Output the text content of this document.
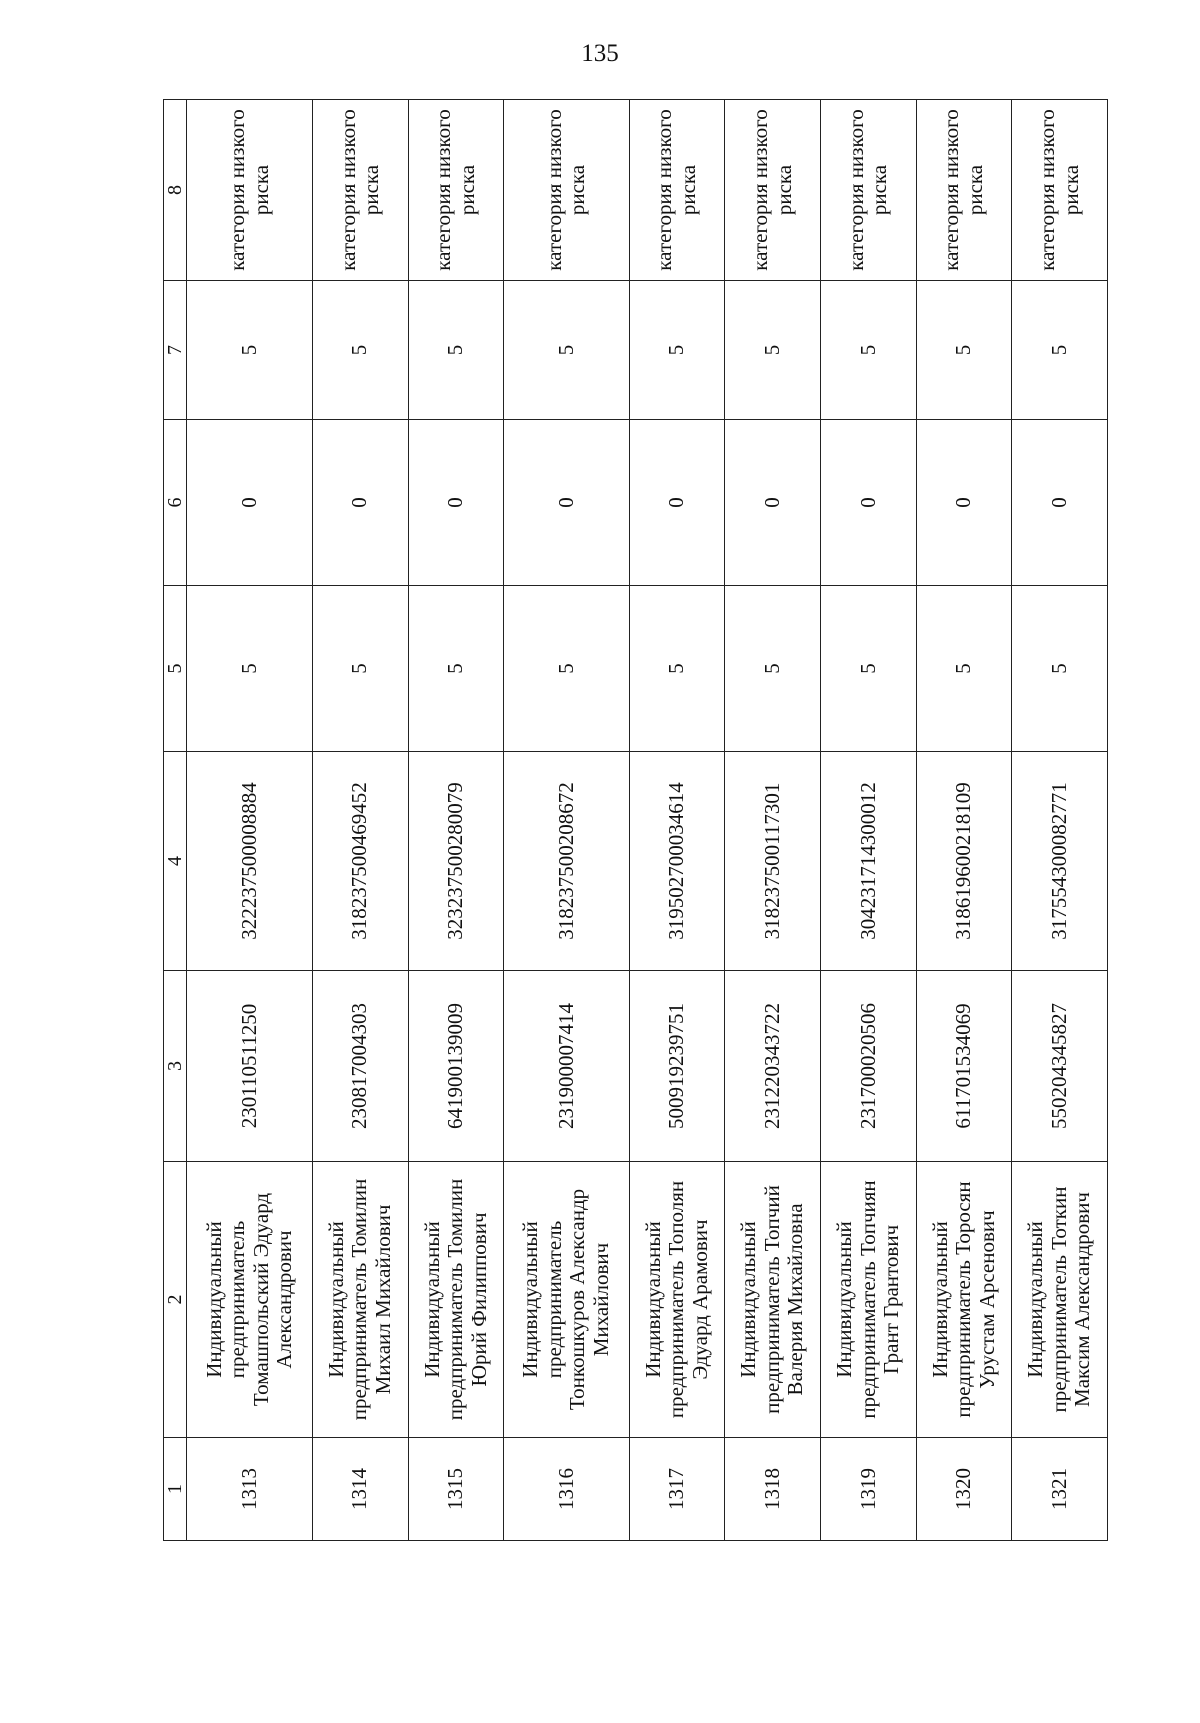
135
1	2	3	4	5	6	7	8
1313	Индивидуальный предприниматель Томашпольский Эдуард Александрович	230110511250	322237500008884	5	0	5	категория низкого риска
1314	Индивидуальный предприниматель Томилин Михаил Михайлович	230817004303	318237500469452	5	0	5	категория низкого риска
1315	Индивидуальный предприниматель Томилин Юрий Филиппович	641900139009	323237500280079	5	0	5	категория низкого риска
1316	Индивидуальный предприниматель Тонкошкуров Александр Михайлович	231900007414	318237500208672	5	0	5	категория низкого риска
1317	Индивидуальный предприниматель Тополян Эдуард Арамович	500919239751	319502700034614	5	0	5	категория низкого риска
1318	Индивидуальный предприниматель Топчий Валерия Михайловна	231220343722	318237500117301	5	0	5	категория низкого риска
1319	Индивидуальный предприниматель Топчиян Грант Грантович	231700020506	304231714300012	5	0	5	категория низкого риска
1320	Индивидуальный предприниматель Торосян Урустам Арсенович	611701534069	318619600218109	5	0	5	категория низкого риска
1321	Индивидуальный предприниматель Тоткин Максим Александрович	550204345827	317554300082771	5	0	5	категория низкого риска
